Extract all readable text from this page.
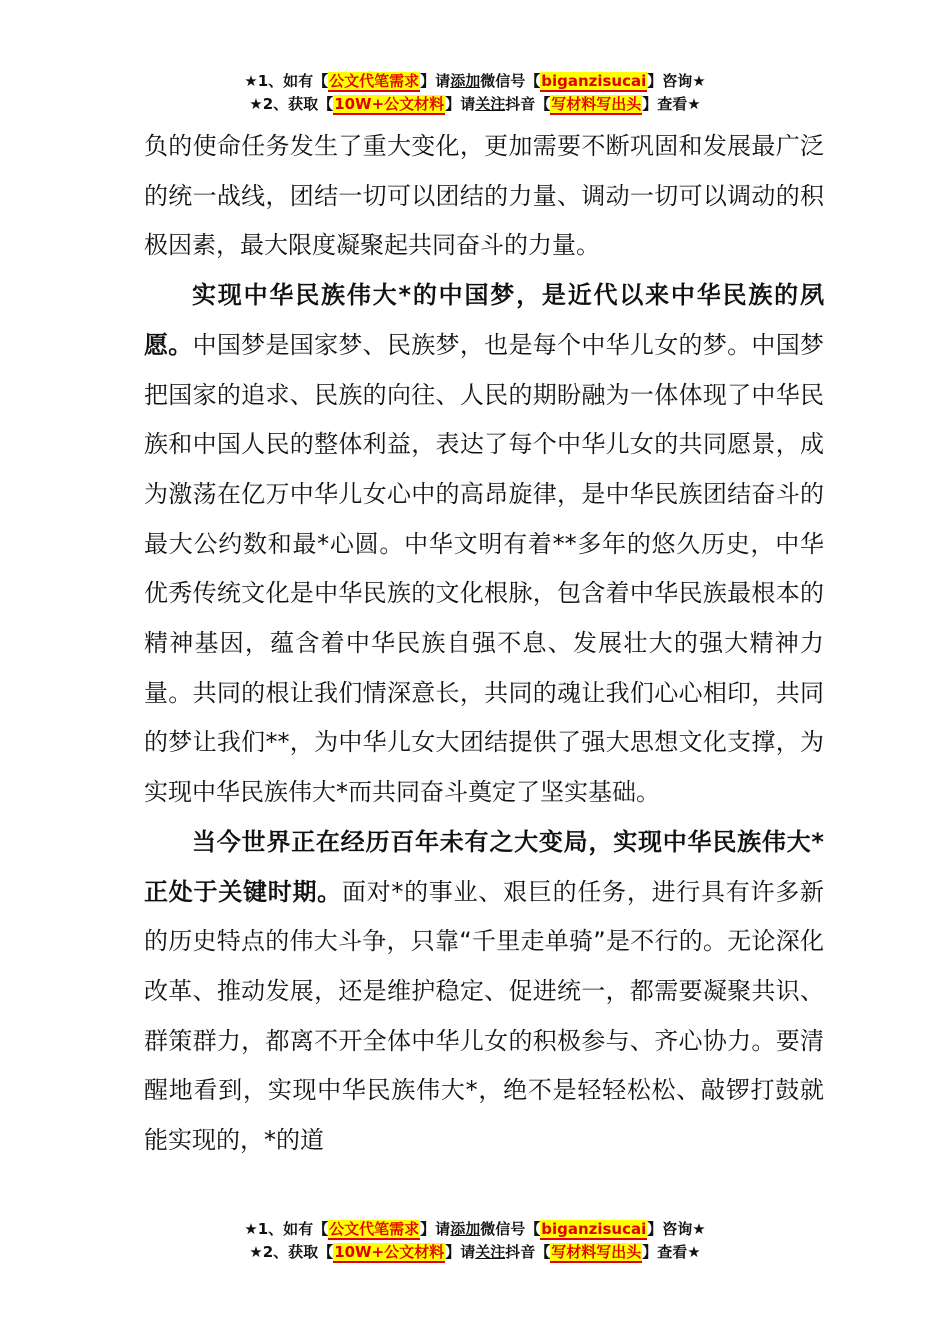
★1、如有【公文代笔需求】请添加微信号【biganzisucai】咨询★
★2、获取【10W+公文材料】请关注抖音【写材料写出头】查看★

负的使命任务发生了重大变化，更加需要不断巩固和发展最广泛的统一战线，团结一切可以团结的力量、调动一切可以调动的积极因素，最大限度凝聚起共同奋斗的力量。

实现中华民族伟大*的中国梦，是近代以来中华民族的夙愿。中国梦是国家梦、民族梦，也是每个中华儿女的梦。中国梦把国家的追求、民族的向往、人民的期盼融为一体体现了中华民族和中国人民的整体利益，表达了每个中华儿女的共同愿景，成为激荡在亿万中华儿女心中的高昂旋律，是中华民族团结奋斗的最大公约数和最*心圆。中华文明有着**多年的悠久历史，中华优秀传统文化是中华民族的文化根脉，包含着中华民族最根本的精神基因，蕴含着中华民族自强不息、发展壮大的强大精神力量。共同的根让我们情深意长，共同的魂让我们心心相印，共同的梦让我们**，为中华儿女大团结提供了强大思想文化支撑，为实现中华民族伟大*而共同奋斗奠定了坚实基础。

当今世界正在经历百年未有之大变局，实现中华民族伟大*正处于关键时期。面对*的事业、艰巨的任务，进行具有许多新的历史特点的伟大斗争，只靠“千里走单骑”是不行的。无论深化改革、推动发展，还是维护稳定、促进统一，都需要凝聚共识、群策群力，都离不开全体中华儿女的积极参与、齐心协力。要清醒地看到，实现中华民族伟大*，绝不是轻轻松松、敲锣打鼓就能实现的，*的道

★1、如有【公文代笔需求】请添加微信号【biganzisucai】咨询★
★2、获取【10W+公文材料】请关注抖音【写材料写出头】查看★
